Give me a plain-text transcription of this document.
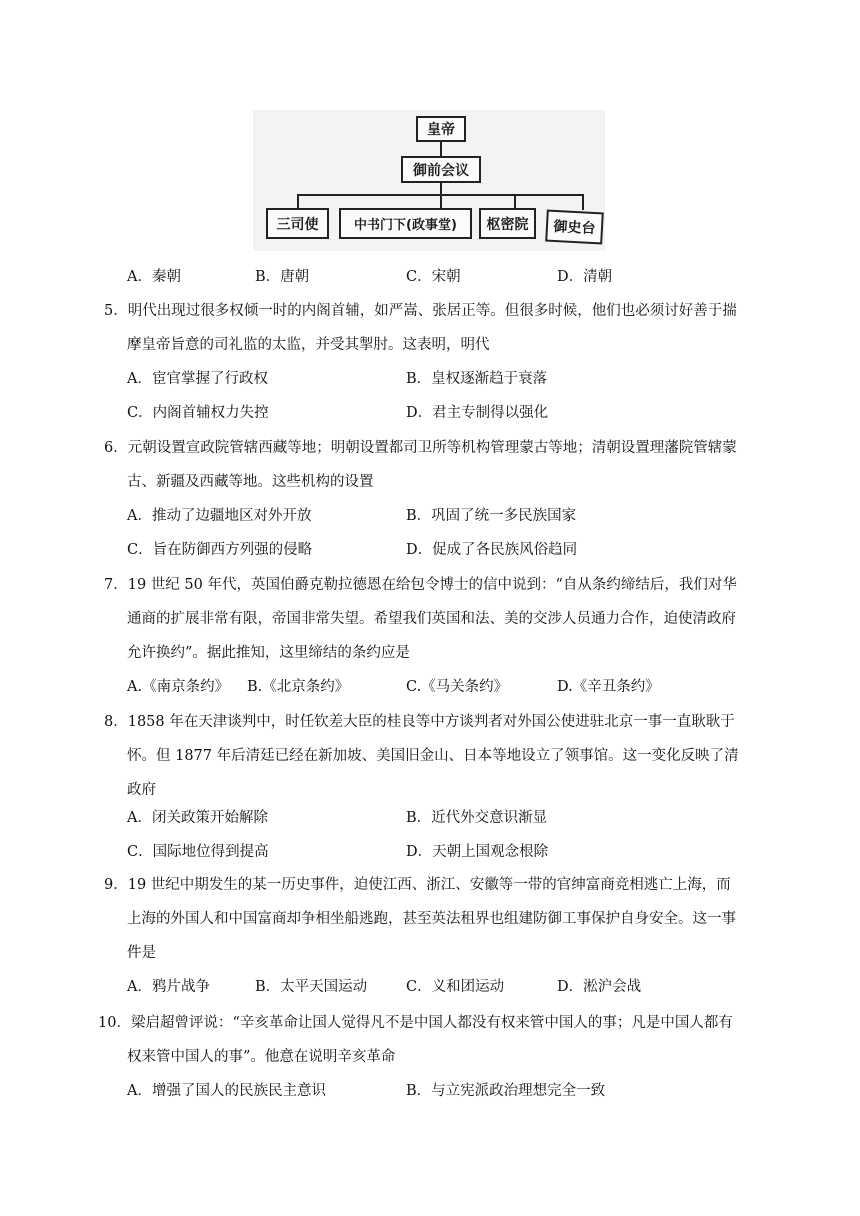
皇帝
御前会议
三司使	中书门下(政事堂)	枢密院	御史台
A．秦朝	B．唐朝	C．宋朝	D．清朝
5．明代出现过很多权倾一时的内阁首辅，如严嵩、张居正等。但很多时候，他们也必须讨好善于揣
摩皇帝旨意的司礼监的太监，并受其掣肘。这表明，明代
A．宦官掌握了行政权	B．皇权逐渐趋于衰落
C．内阁首辅权力失控	D．君主专制得以强化
6．元朝设置宣政院管辖西藏等地；明朝设置都司卫所等机构管理蒙古等地；清朝设置理藩院管辖蒙
古、新疆及西藏等地。这些机构的设置
A．推动了边疆地区对外开放	B．巩固了统一多民族国家
C．旨在防御西方列强的侵略	D．促成了各民族风俗趋同
7．19 世纪 50 年代，英国伯爵克勒拉德恩在给包令博士的信中说到：“自从条约缔结后，我们对华
通商的扩展非常有限，帝国非常失望。希望我们英国和法、美的交涉人员通力合作，迫使清政府
允许换约”。据此推知，这里缔结的条约应是
A.《南京条约》 B.《北京条约》	C.《马关条约》	D.《辛丑条约》
8．1858 年在天津谈判中，时任钦差大臣的桂良等中方谈判者对外国公使进驻北京一事一直耿耿于
怀。但 1877 年后清廷已经在新加坡、美国旧金山、日本等地设立了领事馆。这一变化反映了清
政府
A．闭关政策开始解除	B．近代外交意识渐显
C．国际地位得到提高	D．天朝上国观念根除
9．19 世纪中期发生的某一历史事件，迫使江西、浙江、安徽等一带的官绅富商竞相逃亡上海，而
上海的外国人和中国富商却争相坐船逃跑，甚至英法租界也组建防御工事保护自身安全。这一事
件是
A．鸦片战争	B．太平天国运动	C．义和团运动	D．淞沪会战
10．梁启超曾评说：“辛亥革命让国人觉得凡不是中国人都没有权来管中国人的事；凡是中国人都有
权来管中国人的事”。他意在说明辛亥革命
A．增强了国人的民族民主意识	B．与立宪派政治理想完全一致
